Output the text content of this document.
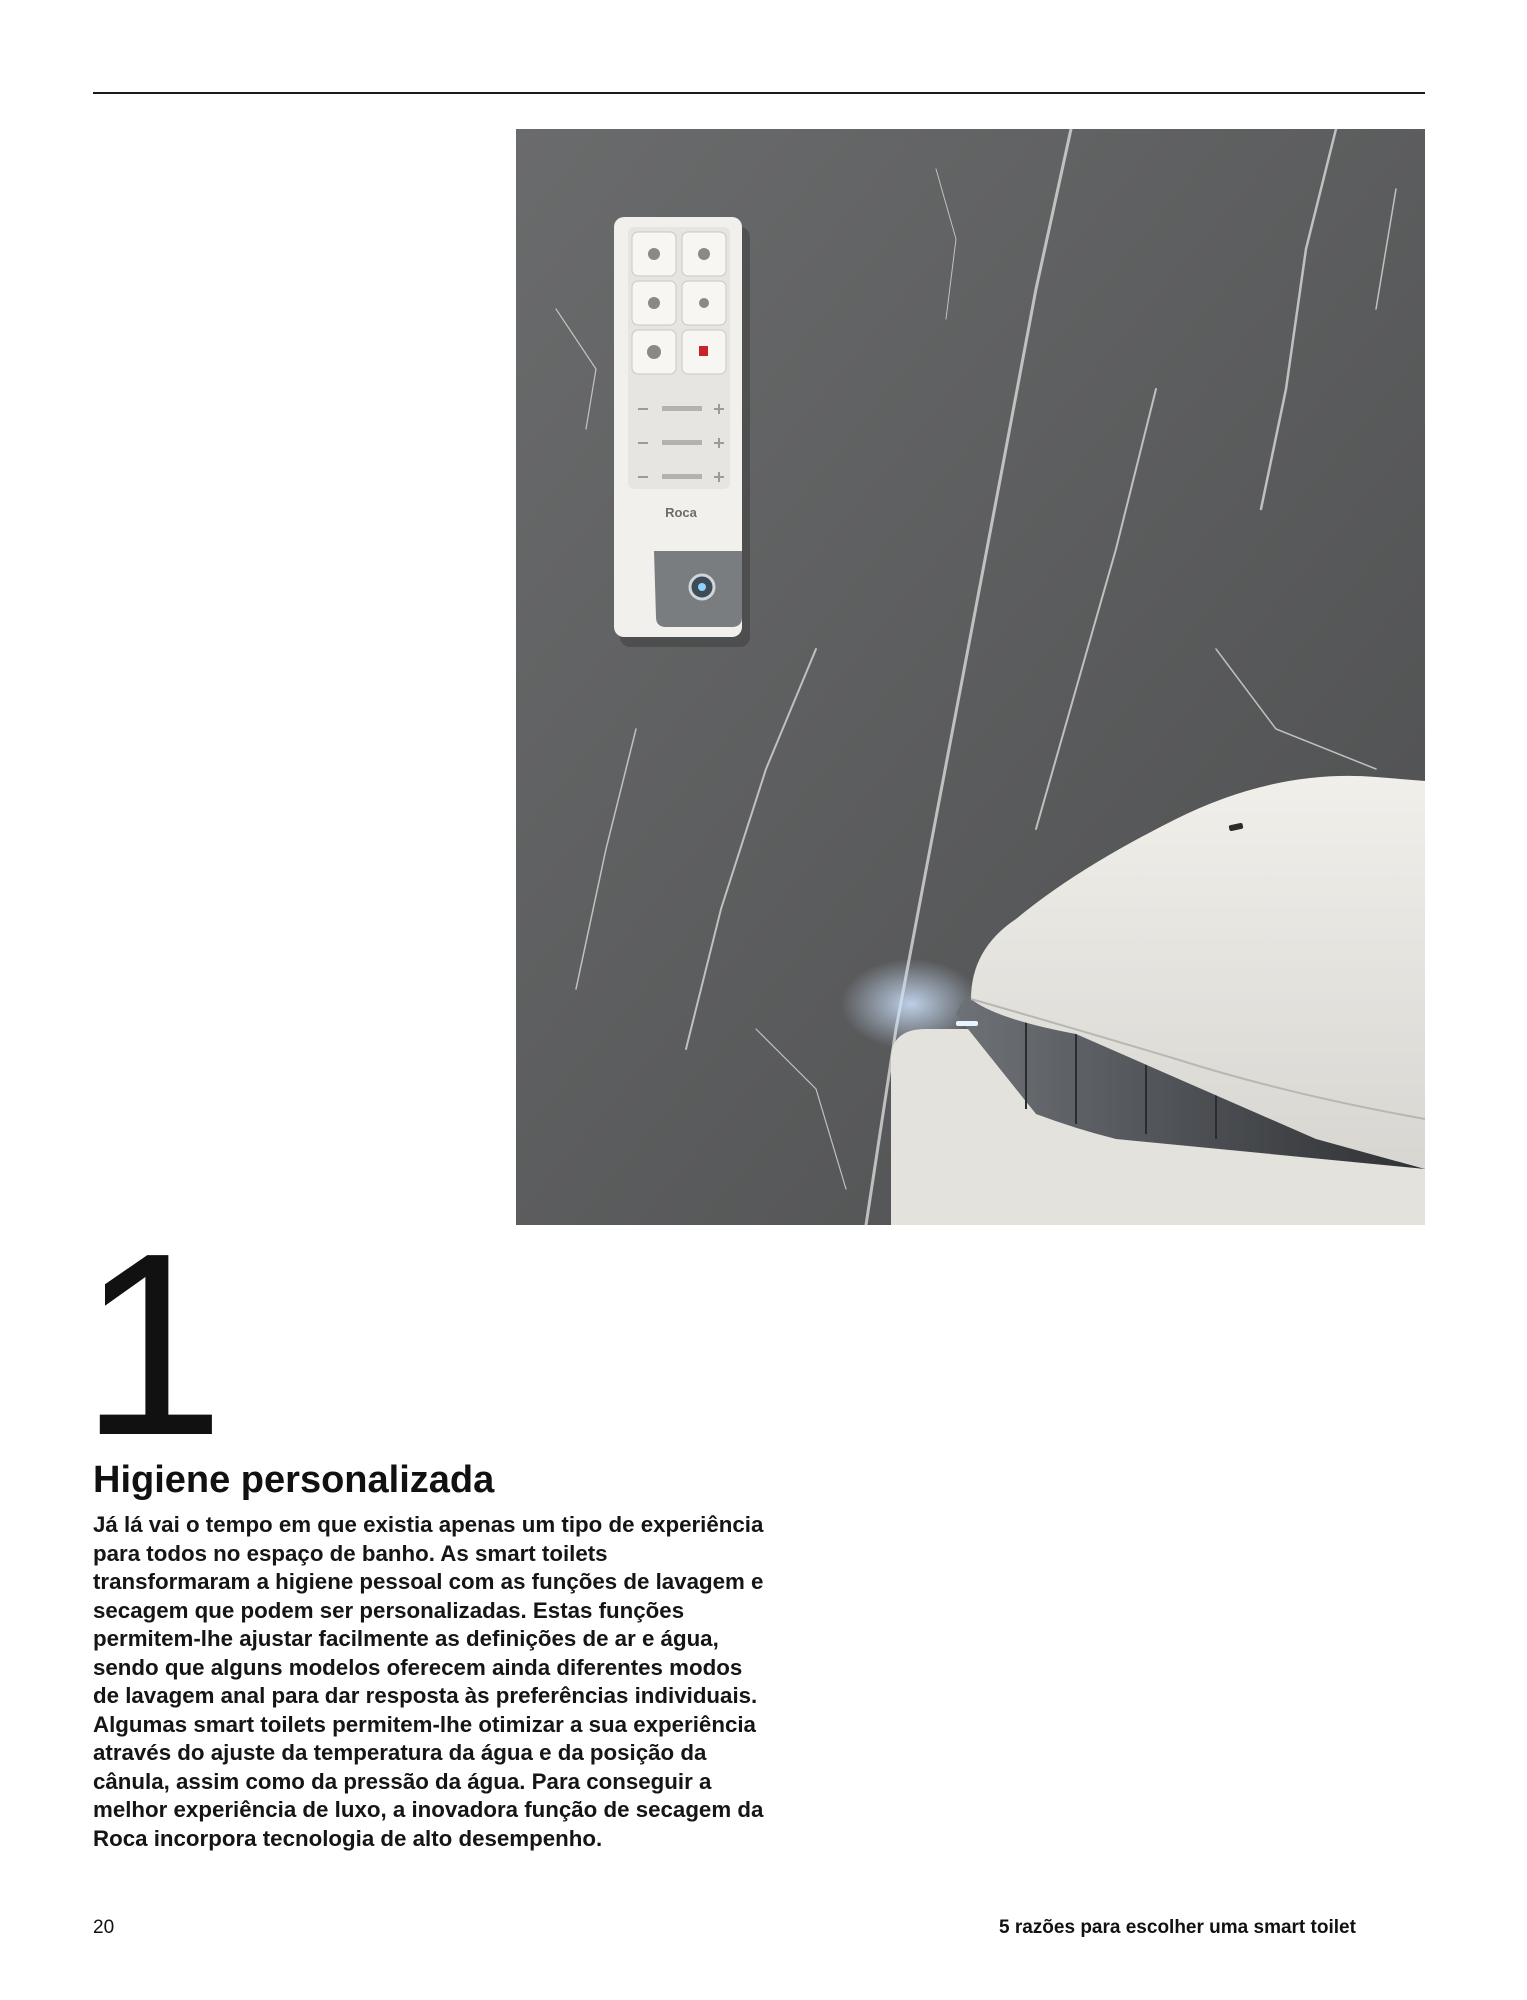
Roca
1
Higiene personalizada

Já lá vai o tempo em que existia apenas um tipo de experiência para todos no espaço de banho. As smart toilets transformaram a higiene pessoal com as funções de lavagem e secagem que podem ser personalizadas. Estas funções permitem-lhe ajustar facilmente as definições de ar e água, sendo que alguns modelos oferecem ainda diferentes modos de lavagem anal para dar resposta às preferências individuais. Algumas smart toilets permitem-lhe otimizar a sua experiência através do ajuste da temperatura da água e da posição da cânula, assim como da pressão da água. Para conseguir a melhor experiência de luxo, a inovadora função de secagem da Roca incorpora tecnologia de alto desempenho.

20	5 razões para escolher uma smart toilet
